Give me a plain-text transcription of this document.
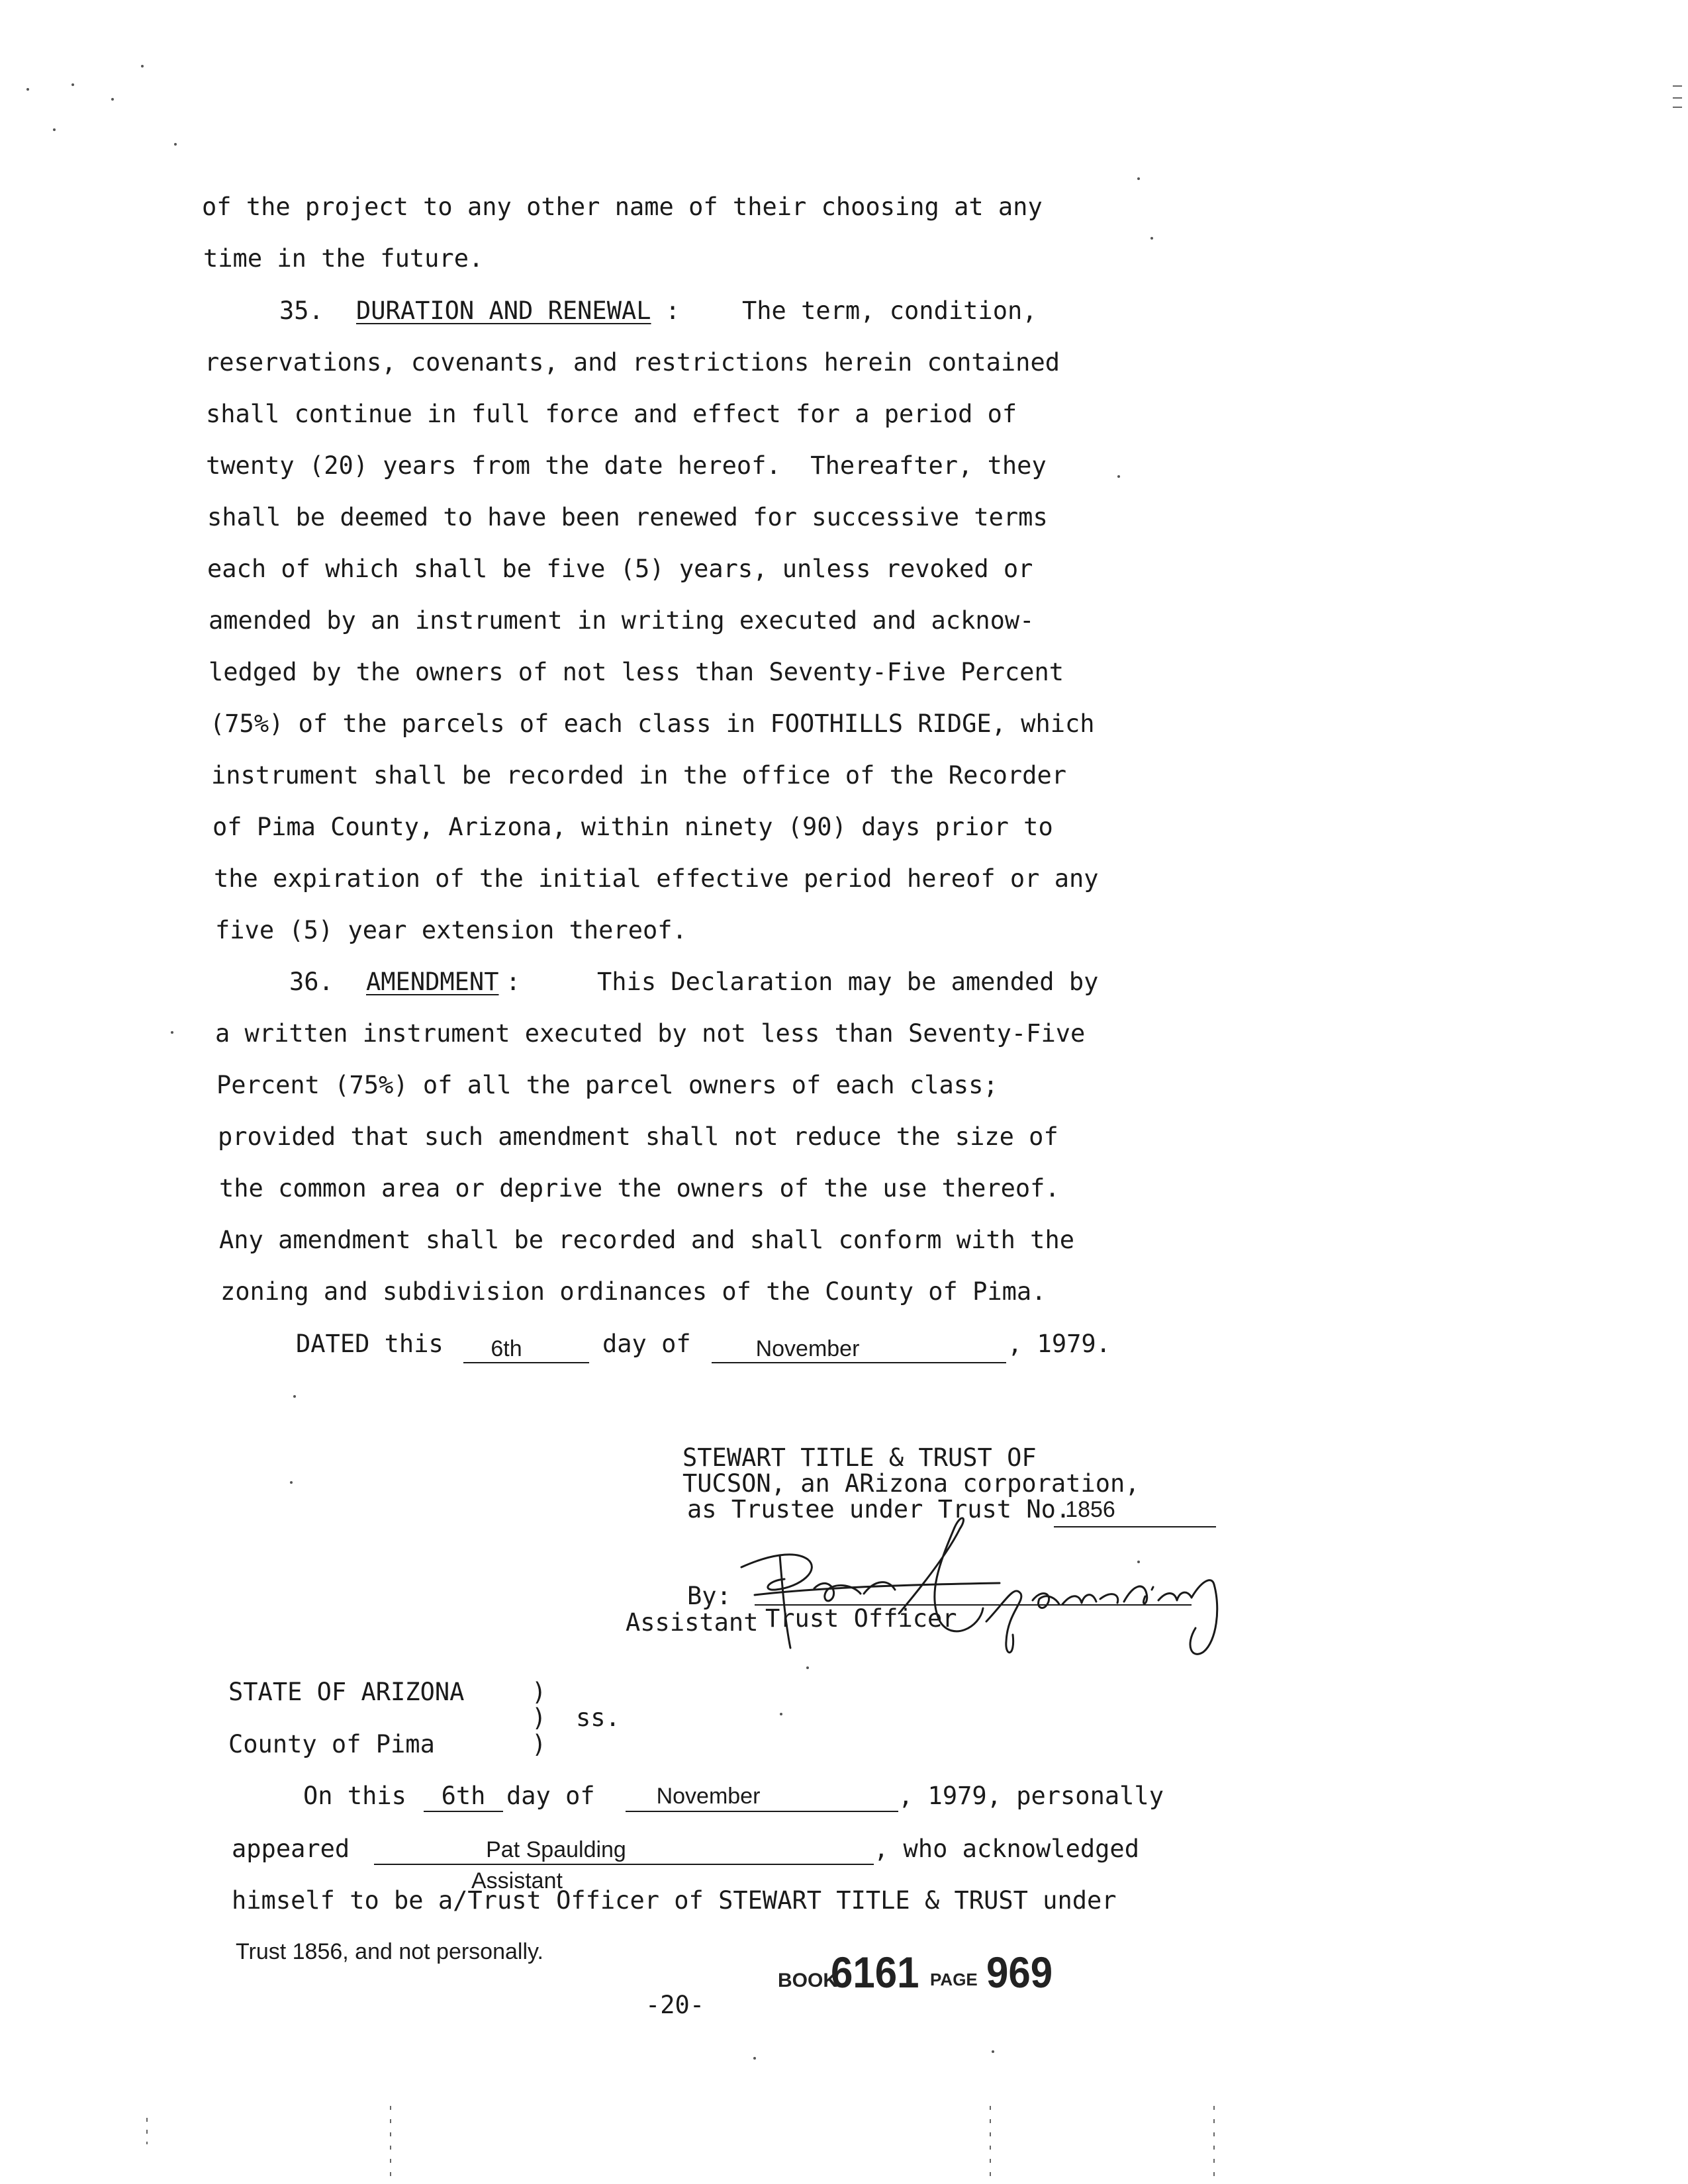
of the project to any other name of their choosing at any
time in the future.
35. DURATION AND RENEWAL :	The term, condition,
reservations, covenants, and restrictions herein contained
shall continue in full force and effect for a period of
twenty (20) years from the date hereof.  Thereafter, they
shall be deemed to have been renewed for successive terms
each of which shall be five (5) years, unless revoked or
amended by an instrument in writing executed and acknow-
ledged by the owners of not less than Seventy-Five Percent
(75%) of the parcels of each class in FOOTHILLS RIDGE, which
instrument shall be recorded in the office of the Recorder
of Pima County, Arizona, within ninety (90) days prior to
the expiration of the initial effective period hereof or any
five (5) year extension thereof.
36. AMENDMENT :	This Declaration may be amended by
a written instrument executed by not less than Seventy-Five
Percent (75%) of all the parcel owners of each class;
provided that such amendment shall not reduce the size of
the common area or deprive the owners of the use thereof.
Any amendment shall be recorded and shall conform with the
zoning and subdivision ordinances of the County of Pima.
DATED this	6th	day of	November	, 1979.
STEWART TITLE & TRUST OF
TUCSON, an ARizona corporation,
as Trustee under Trust No.
1856
By:
Assistant Trust Officer
STATE OF ARIZONA	)
) ss.
County of Pima	)
On this	6th day of	November	, 1979, personally
appeared	Pat Spaulding	, who acknowledged
Assistant
himself to be a/Trust Officer of STEWART TITLE & TRUST under
Trust 1856, and not personally.
-20-
BOOK
6161 PAGE 969
